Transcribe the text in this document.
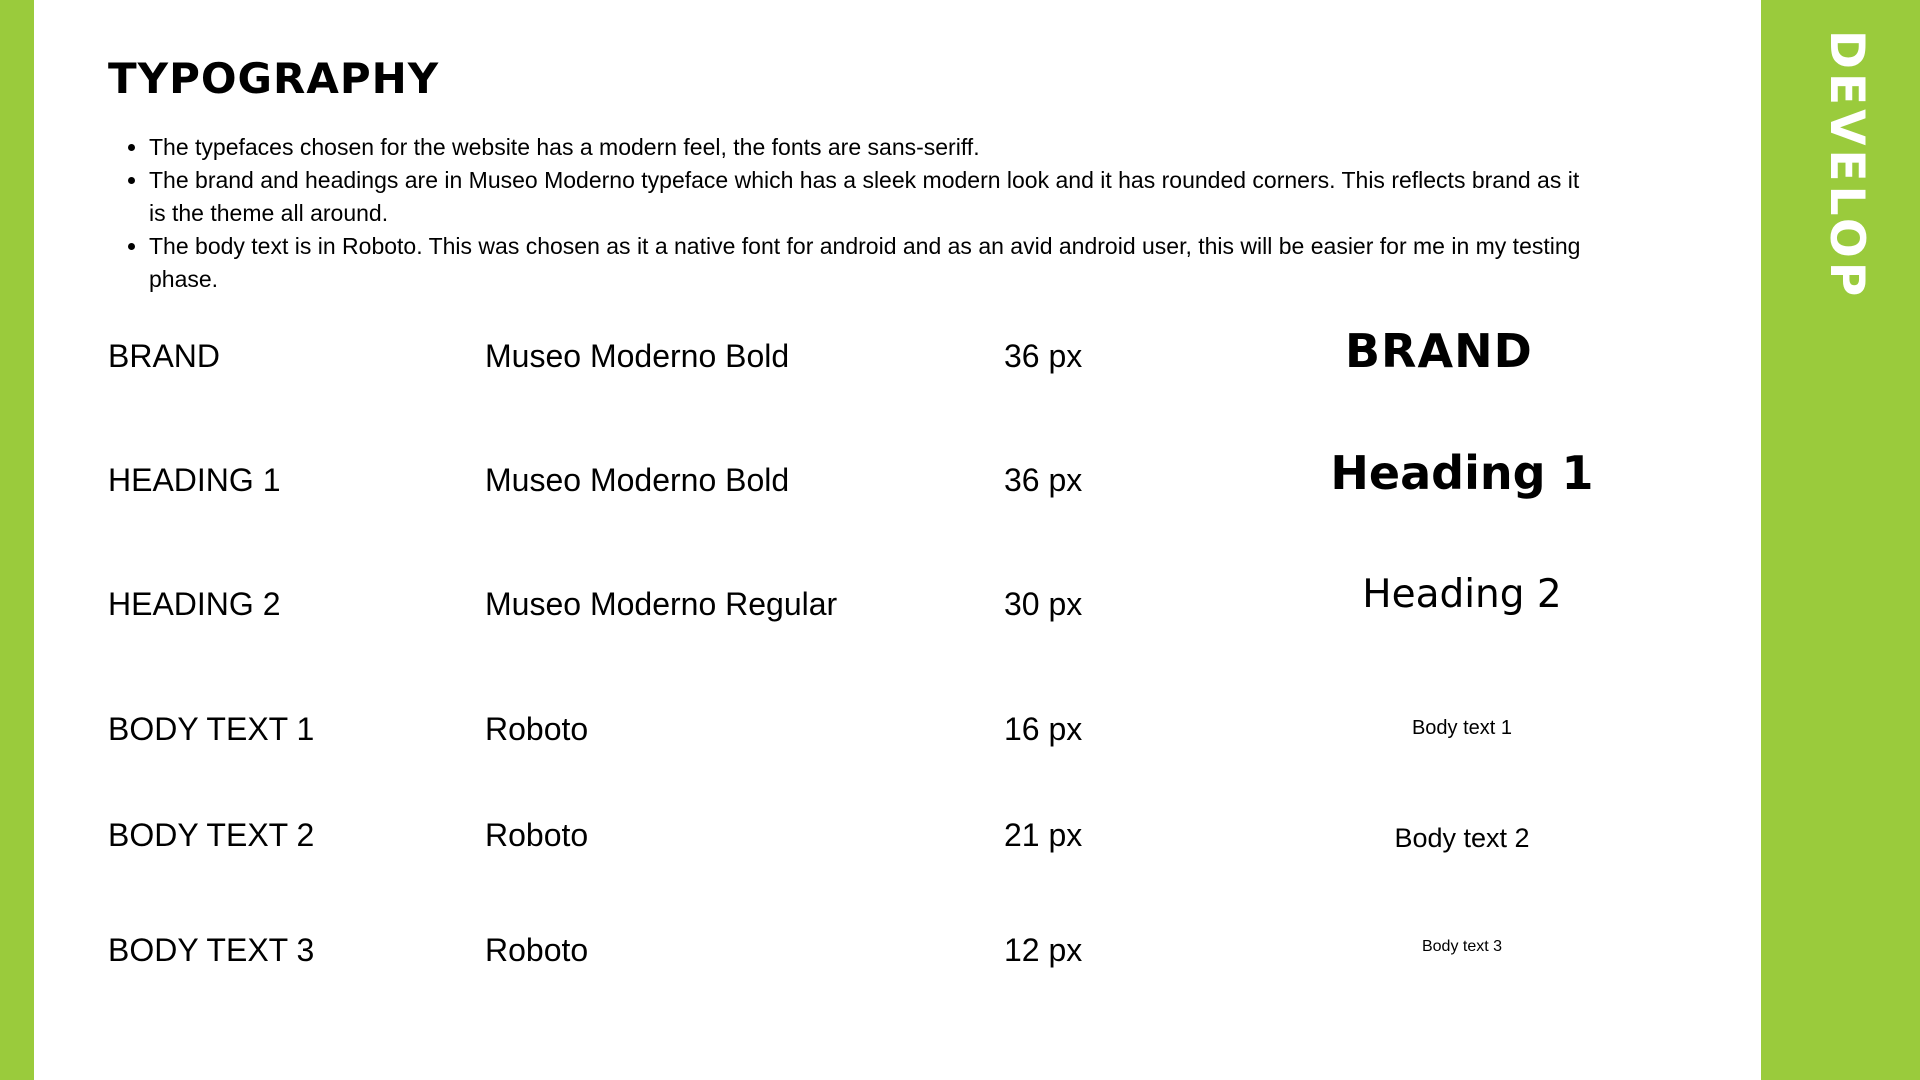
DEVELOP
TYPOGRAPHY
• The typefaces chosen for the website has a modern feel, the fonts are sans-seriff.
• The brand and headings are in Museo Moderno typeface which has a sleek modern look and it has rounded corners. This reflects brand as it is the theme all around.
• The body text is in Roboto. This was chosen as it a native font for android and as an avid android user, this will be easier for me in my testing phase.
BRAND	Museo Moderno Bold	36 px	BRAND
HEADING 1	Museo Moderno Bold	36 px	Heading 1
HEADING 2	Museo Moderno Regular	30 px	Heading 2
BODY TEXT 1	Roboto	16 px	Body text 1
BODY TEXT 2	Roboto	21 px	Body text 2
BODY TEXT 3	Roboto	12 px	Body text 3
